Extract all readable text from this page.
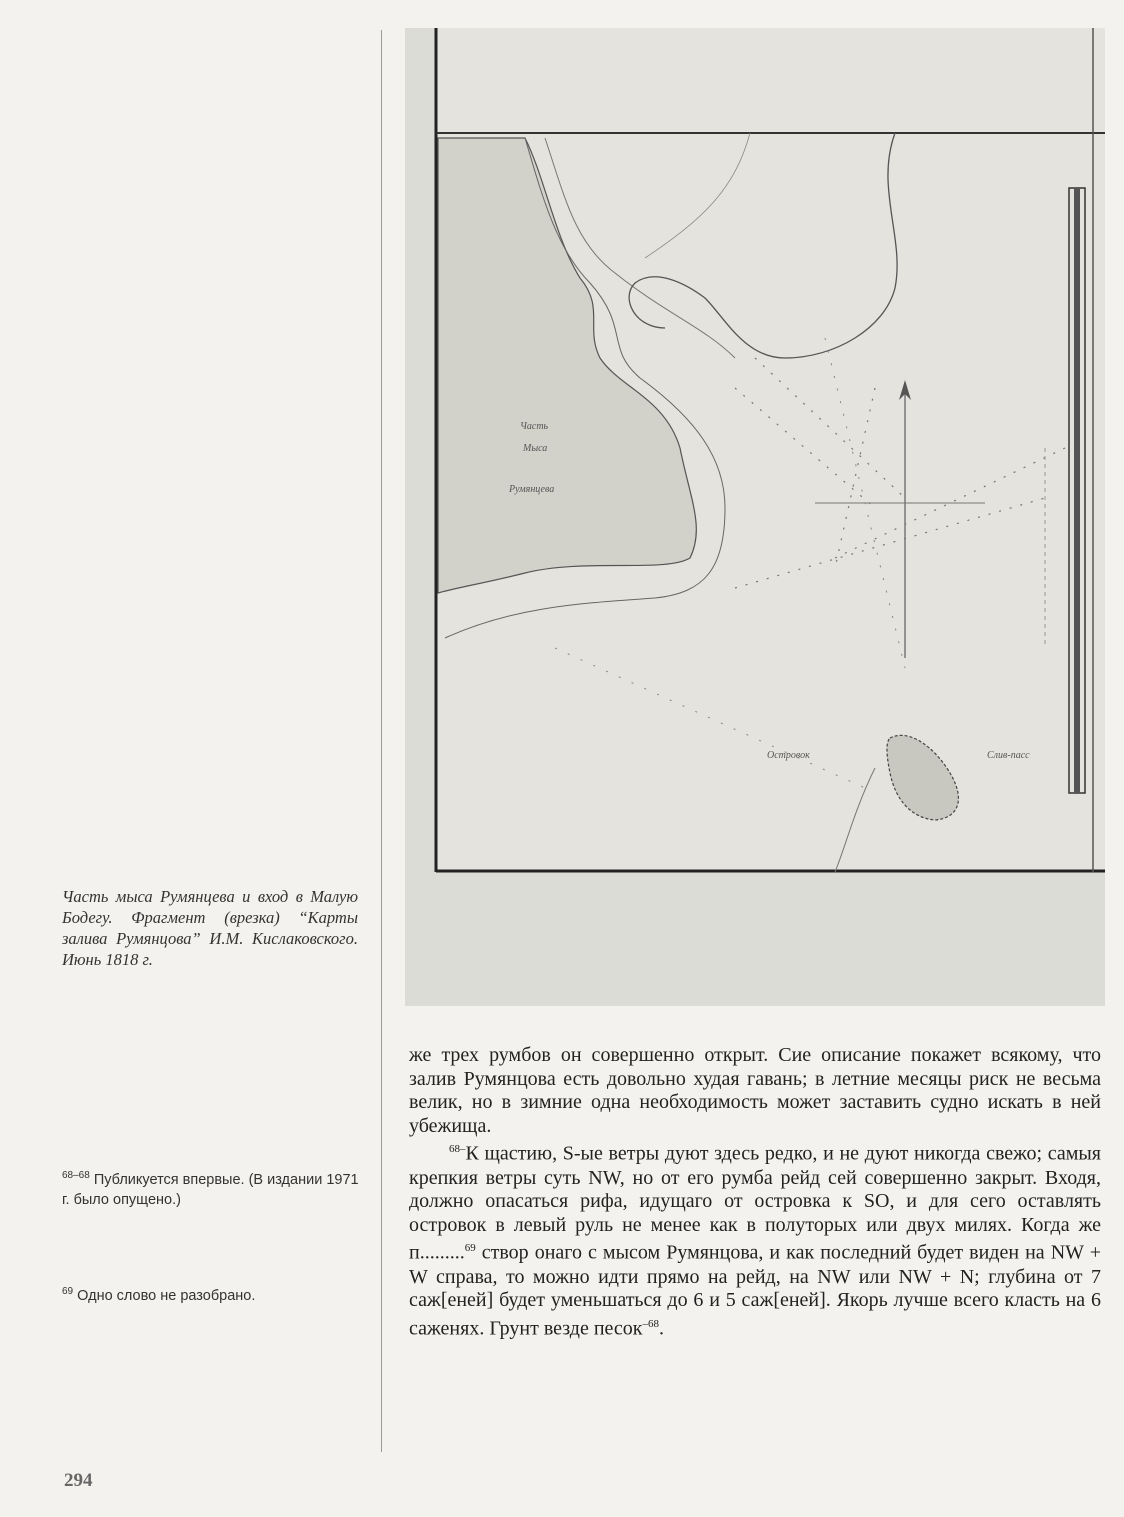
Часть мыса Румянцева и вход в Малую Бодегу. Фрагмент (врезка) “Карты залива Румянцова” И.М. Кислаковского. Июнь 1818 г.
$^{68-68}$ Публикуется впервые. (В издании 1971 г. было опущено.)
$^{69}$ Одно слово не разобрано.
Часть
Мыса
Румянцева
Островок	Слив-пасс

же трех румбов он совершенно открыт. Сие описание покажет всякому, что залив Румянцова есть довольно худая гавань; в летние месяцы риск не весьма велик, но в зимние одна необходимость может заставить судно искать в ней убежища.

$^{68-}$К щастию, S-ые ветры дуют здесь редко, и не дуют никогда свежо; самыя крепкия ветры суть NW, но от его румба рейд сей совершенно закрыт. Входя, должно опасаться рифа, идущаго от островка к SO, и для сего оставлять островок в левый руль не менее как в полуторых или двух милях. Когда же п.........$^{69}$ створ онаго с мысом Румянцова, и как последний будет виден на NW + W справа, то можно идти прямо на рейд, на NW или NW + N; глубина от 7 саж[еней] будет уменьшаться до 6 и 5 саж[еней]. Якорь лучше всего класть на 6 саженях. Грунт везде песок$^{-68}$.

294
